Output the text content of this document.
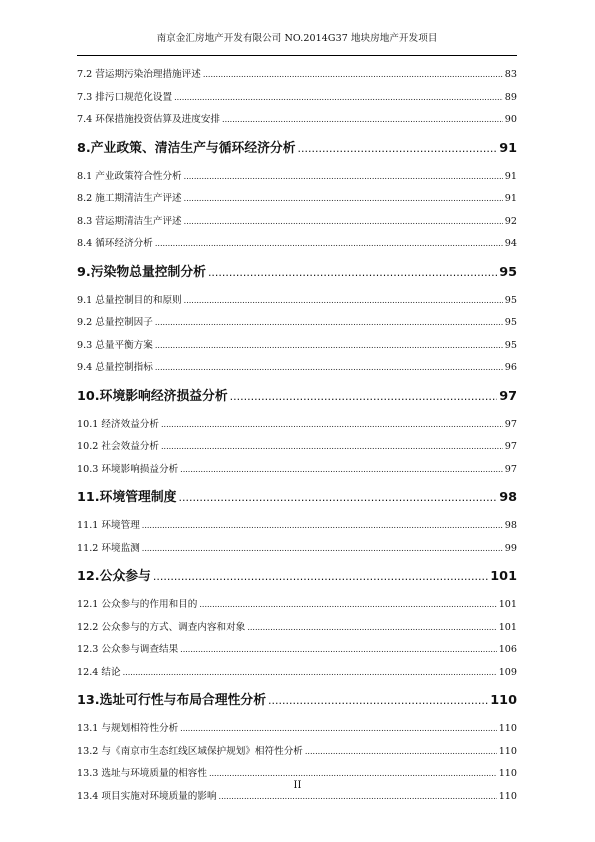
南京金汇房地产开发有限公司 NO.2014G37 地块房地产开发项目
7.2 营运期污染治理措施评述 .....	83
7.3 排污口规范化设置 .....	89
7.4 环保措施投资估算及进度安排 .....	90
8.产业政策、清洁生产与循环经济分析 .....	91
8.1 产业政策符合性分析 .....	91
8.2 施工期清洁生产评述 .....	91
8.3 营运期清洁生产评述 .....	92
8.4 循环经济分析 .....	94
9.污染物总量控制分析 .....	95
9.1 总量控制目的和原则 .....	95
9.2 总量控制因子 .....	95
9.3 总量平衡方案 .....	95
9.4 总量控制指标 .....	96
10.环境影响经济损益分析 .....	97
10.1 经济效益分析 .....	97
10.2 社会效益分析 .....	97
10.3 环境影响损益分析 .....	97
11.环境管理制度 .....	98
11.1 环境管理 .....	98
11.2 环境监测 .....	99
12.公众参与 .....	101
12.1 公众参与的作用和目的 .....	101
12.2 公众参与的方式、调查内容和对象 .....	101
12.3 公众参与调查结果 .....	106
12.4 结论 .....	109
13.选址可行性与布局合理性分析 .....	110
13.1 与规划相符性分析 .....	110
13.2 与《南京市生态红线区域保护规划》相符性分析 .....	110
13.3 选址与环境质量的相容性 .....	110
13.4 项目实施对环境质量的影响 .....	110
II
